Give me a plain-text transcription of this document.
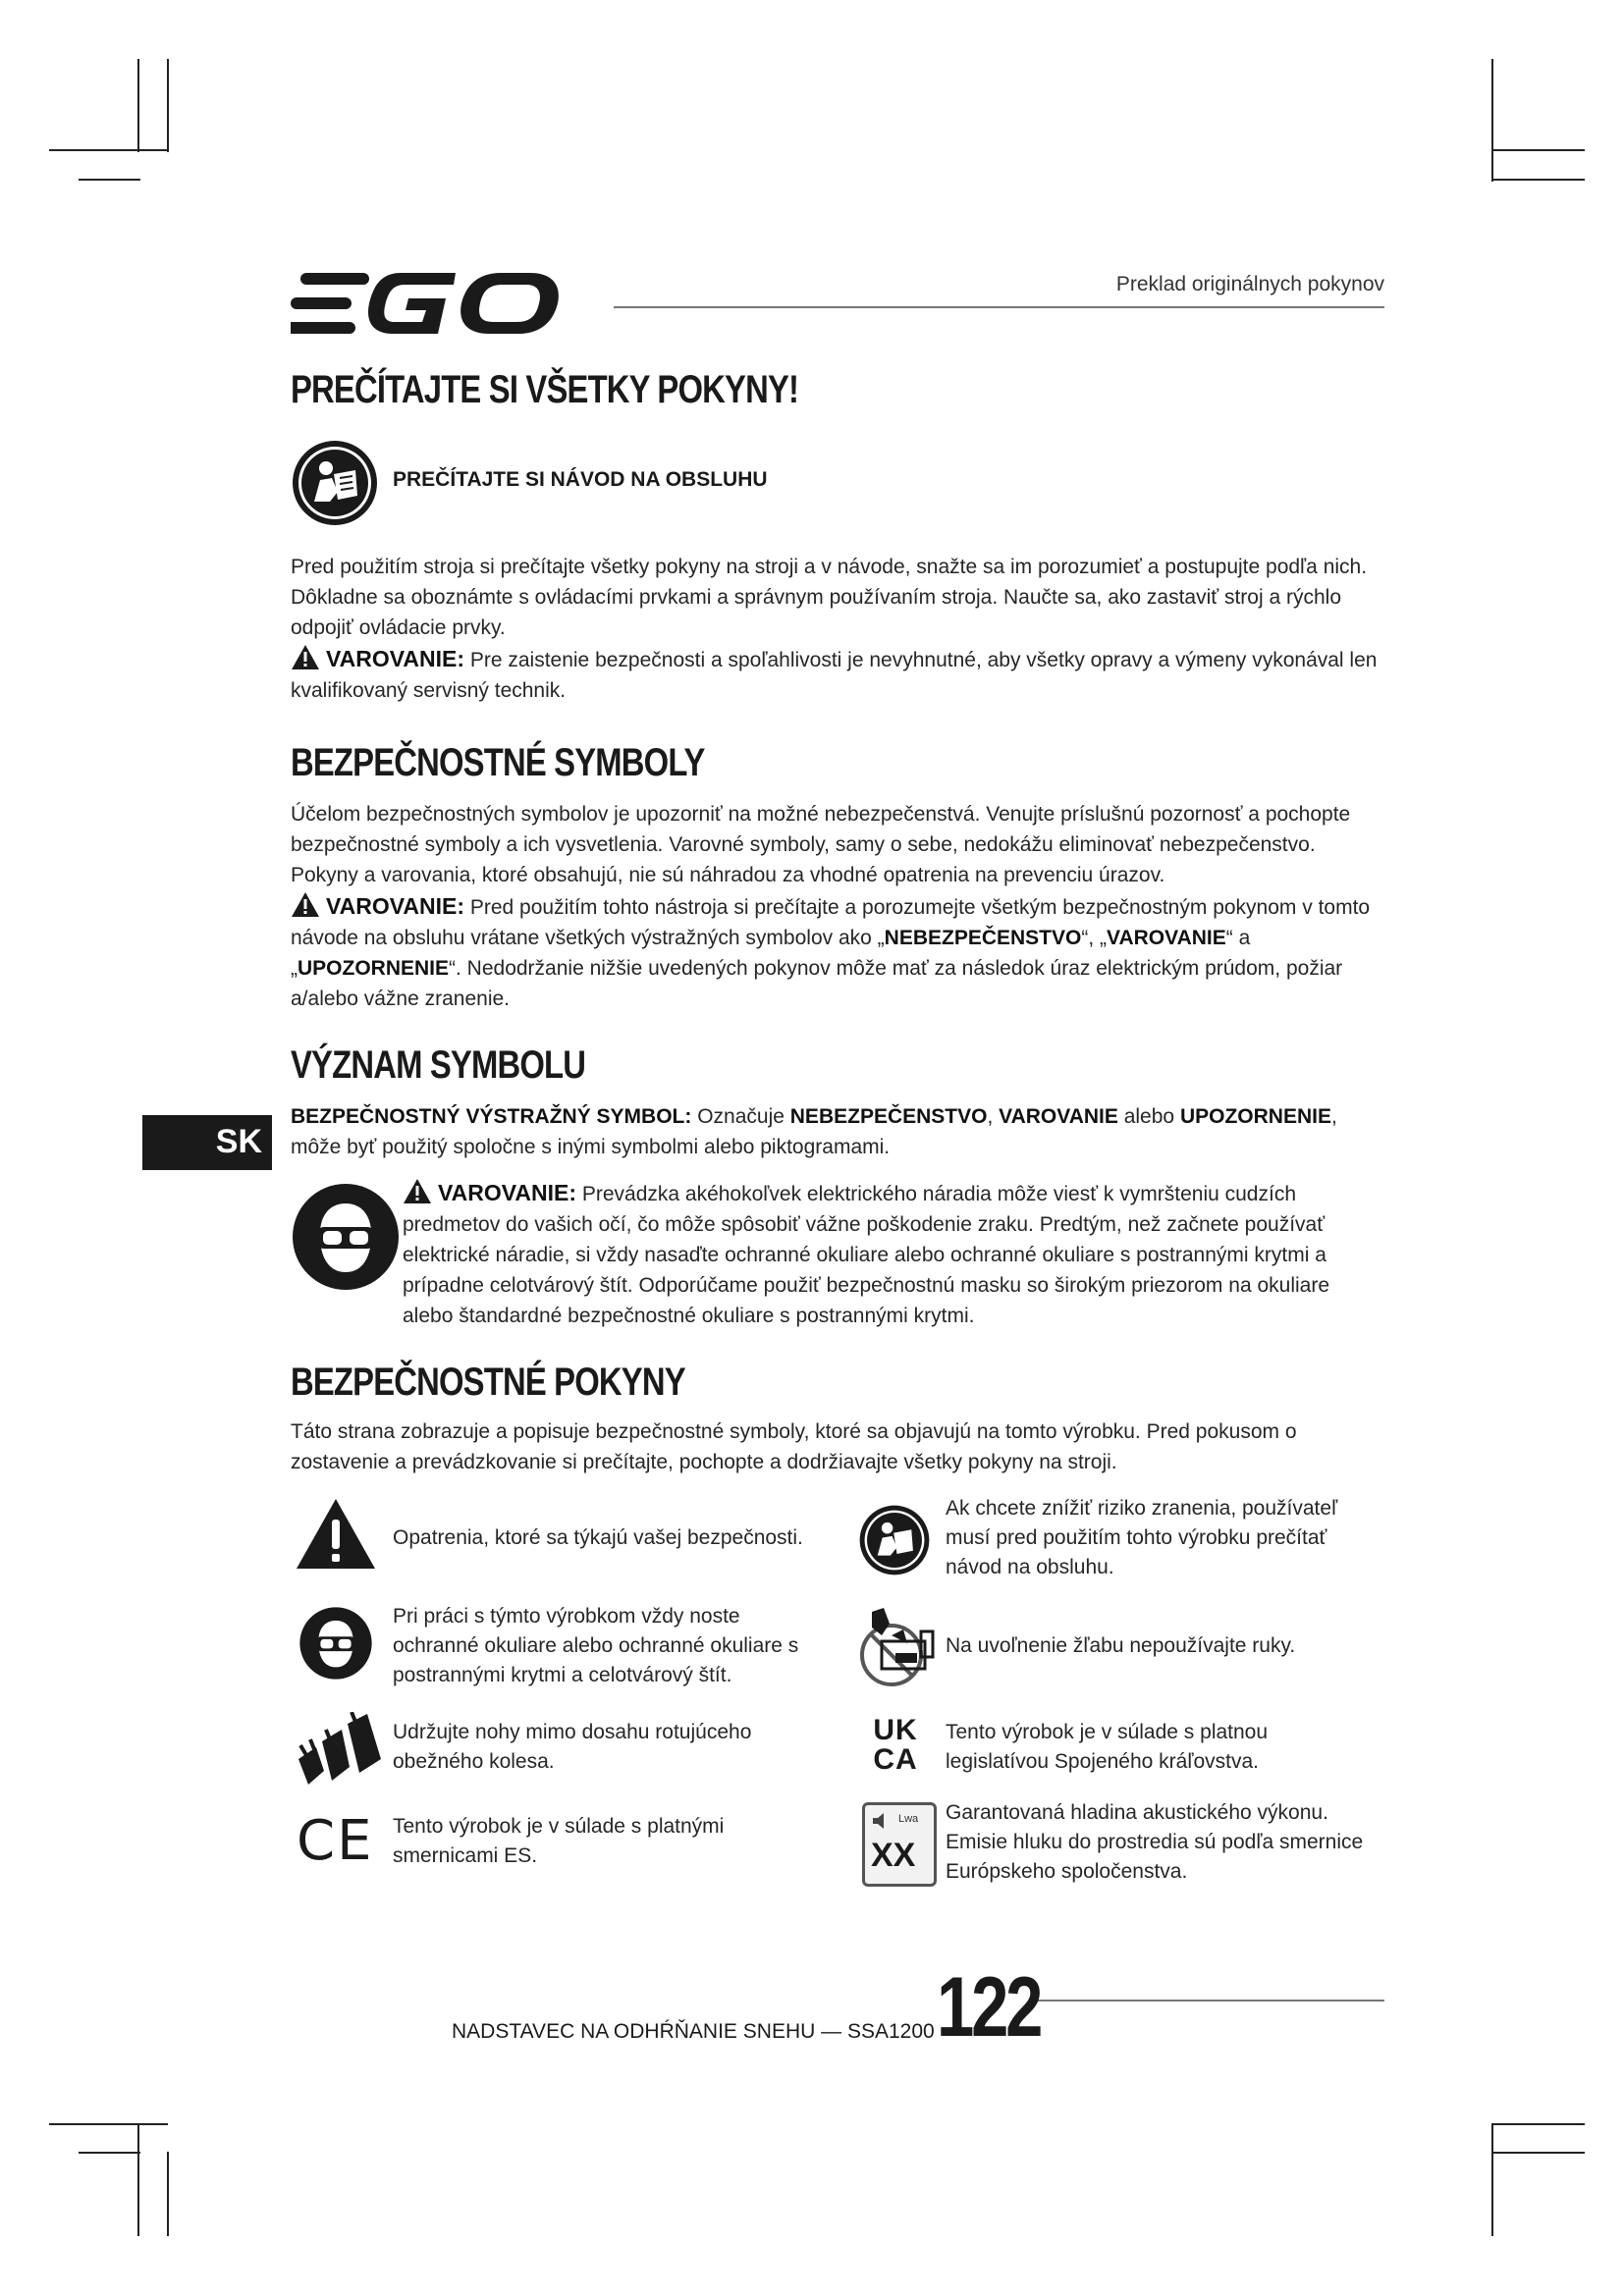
Preklad originálnych pokynov
PREČÍTAJTE SI VŠETKY POKYNY!
PREČÍTAJTE SI NÁVOD NA OBSLUHU
Pred použitím stroja si prečítajte všetky pokyny na stroji a v návode, snažte sa im porozumieť a postupujte podľa nich. Dôkladne sa oboznámte s ovládacími prvkami a správnym používaním stroja. Naučte sa, ako zastaviť stroj a rýchlo odpojiť ovládacie prvky.
VAROVANIE: Pre zaistenie bezpečnosti a spoľahlivosti je nevyhnutné, aby všetky opravy a výmeny vykonával len kvalifikovaný servisný technik.
BEZPEČNOSTNÉ SYMBOLY
Účelom bezpečnostných symbolov je upozorniť na možné nebezpečenstvá. Venujte príslušnú pozornosť a pochopte bezpečnostné symboly a ich vysvetlenia. Varovné symboly, samy o sebe, nedokážu eliminovať nebezpečenstvo. Pokyny a varovania, ktoré obsahujú, nie sú náhradou za vhodné opatrenia na prevenciu úrazov.
VAROVANIE: Pred použitím tohto nástroja si prečítajte a porozumejte všetkým bezpečnostným pokynom v tomto návode na obsluhu vrátane všetkých výstražných symbolov ako „NEBEZPEČENSTVO“, „VAROVANIE“ a „UPOZORNENIE“. Nedodržanie nižšie uvedených pokynov môže mať za následok úraz elektrickým prúdom, požiar a/alebo vážne zranenie.
VÝZNAM SYMBOLU
BEZPEČNOSTNÝ VÝSTRAŽNÝ SYMBOL: Označuje NEBEZPEČENSTVO, VAROVANIE alebo UPOZORNENIE, môže byť použitý spoločne s inými symbolmi alebo piktogramami.
SK
VAROVANIE: Prevádzka akéhokoľvek elektrického náradia môže viesť k vymršteniu cudzích predmetov do vašich očí, čo môže spôsobiť vážne poškodenie zraku. Predtým, než začnete používať elektrické náradie, si vždy nasaďte ochranné okuliare alebo ochranné okuliare s postrannými krytmi a prípadne celotvárový štít. Odporúčame použiť bezpečnostnú masku so širokým priezorom na okuliare alebo štandardné bezpečnostné okuliare s postrannými krytmi.
BEZPEČNOSTNÉ POKYNY
Táto strana zobrazuje a popisuje bezpečnostné symboly, ktoré sa objavujú na tomto výrobku. Pred pokusom o zostavenie a prevádzkovanie si prečítajte, pochopte a dodržiavajte všetky pokyny na stroji.
Opatrenia, ktoré sa týkajú vašej bezpečnosti.
Pri práci s týmto výrobkom vždy noste ochranné okuliare alebo ochranné okuliare s postrannými krytmi a celotvárový štít.
Udržujte nohy mimo dosahu rotujúceho obežného kolesa.
CE Tento výrobok je v súlade s platnými smernicami ES.
Ak chcete znížiť riziko zranenia, používateľ musí pred použitím tohto výrobku prečítať návod na obsluhu.
Na uvoľnenie žľabu nepoužívajte ruky.
UK
CA
Tento výrobok je v súlade s platnou legislatívou Spojeného kráľovstva.
Lwa
XX
Garantovaná hladina akustického výkonu. Emisie hluku do prostredia sú podľa smernice Európskeho spoločenstva.
NADSTAVEC NA ODHŔŇANIE SNEHU — SSA1200 122
